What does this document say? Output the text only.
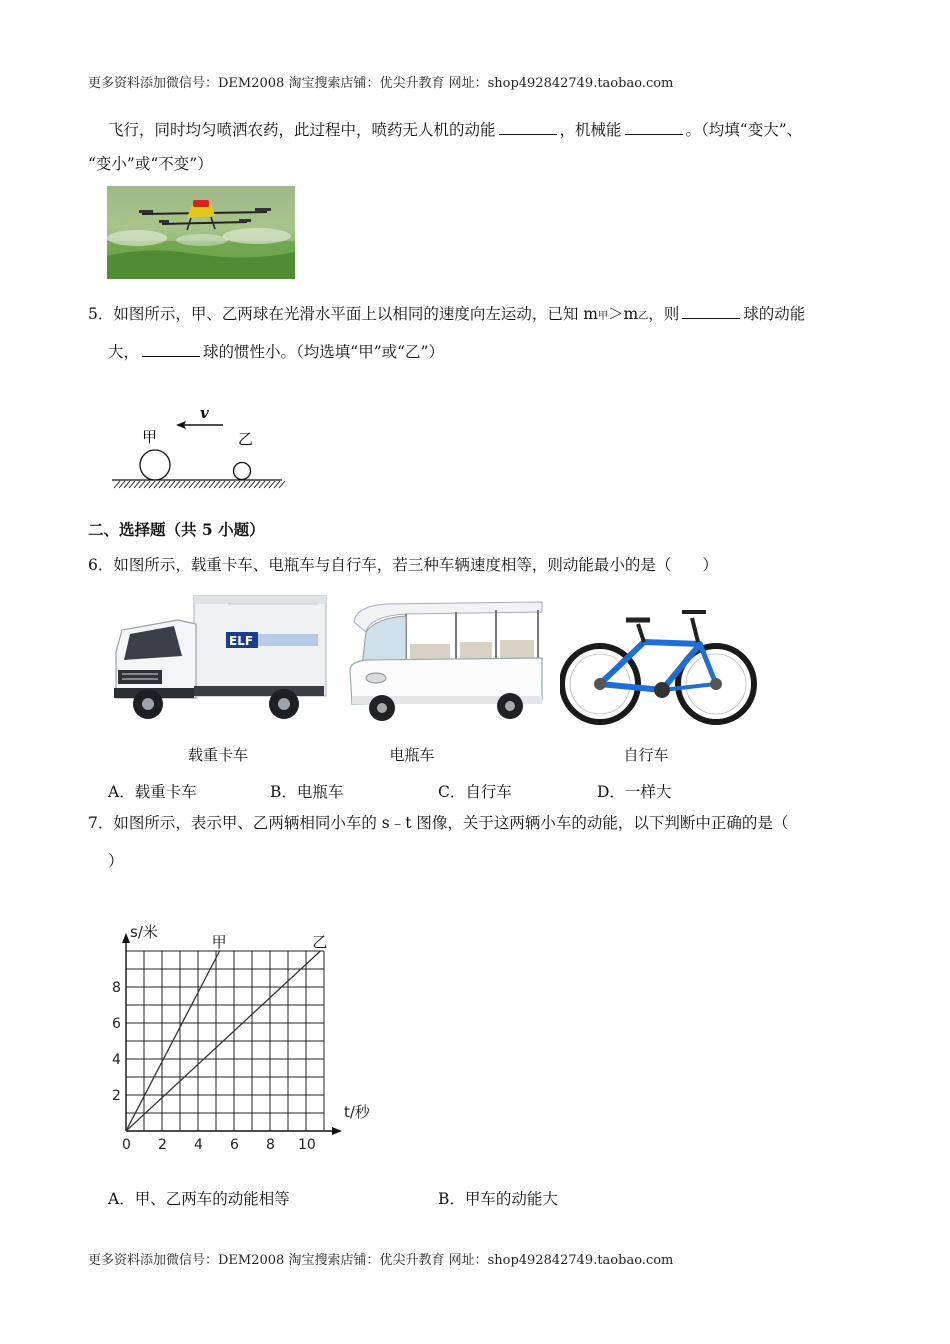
更多资料添加微信号：DEM2008 淘宝搜索店铺：优尖升教育 网址：shop492842749.taobao.com
飞行，同时均匀喷洒农药，此过程中，喷药无人机的动能	，机械能	。（均填“变大”、
“变小”或“不变”）
5．如图所示，甲、乙两球在光滑水平面上以相同的速度向左运动，已知 m甲＞m乙，则	球的动能
大，	球的惯性小。（均选填“甲”或“乙”）
v
甲	乙
二、选择题（共 5 小题）
6．如图所示，载重卡车、电瓶车与自行车，若三种车辆速度相等，则动能最小的是（　　）
ELF
载重卡车	电瓶车	自行车
A．载重卡车	B．电瓶车	C．自行车	D．一样大
7．如图所示，表示甲、乙两辆相同小车的 s﹣t 图像，关于这两辆小车的动能，以下判断中正确的是（
）
0 2 4 6 8 10
2
4
6
8
s/米
t/秒
甲	乙
A．甲、乙两车的动能相等	B．甲车的动能大
更多资料添加微信号：DEM2008 淘宝搜索店铺：优尖升教育 网址：shop492842749.taobao.com
